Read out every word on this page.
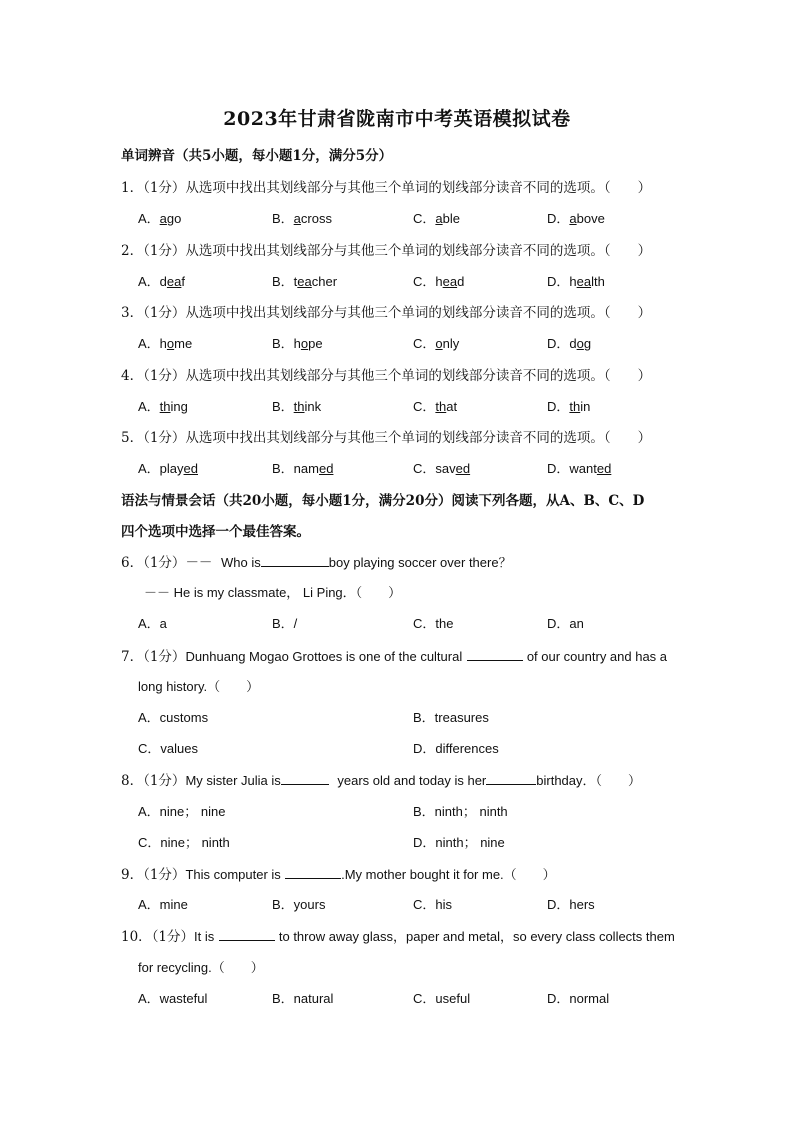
2023年甘肃省陇南市中考英语模拟试卷
单词辨音（共5小题，每小题1分，满分5分）
1．（1分）从选项中找出其划线部分与其他三个单词的划线部分读音不同的选项。（　　）
A．ago	B．across	C．able	D．above
2．（1分）从选项中找出其划线部分与其他三个单词的划线部分读音不同的选项。（　　）
A．deaf	B．teacher	C．head	D．health
3．（1分）从选项中找出其划线部分与其他三个单词的划线部分读音不同的选项。（　　）
A．home	B．hope	C．only	D．dog
4．（1分）从选项中找出其划线部分与其他三个单词的划线部分读音不同的选项。（　　）
A．thing	B．think	C．that	D．thin
5．（1分）从选项中找出其划线部分与其他三个单词的划线部分读音不同的选项。（　　）
A．played	B．named	C．saved	D．wanted
语法与情景会话（共20小题，每小题1分，满分20分）阅读下列各题，从A、B、C、D
四个选项中选择一个最佳答案。
6．（1分）－－ Who is	boy playing soccer over there？
－－ He is my classmate， Li Ping．（　　）
A．a	B．/	C．the	D．an
7．（1分）Dunhuang Mogao Grottoes is one of the cultural	of our country and has a
long history.（　　）
A．customs	B．treasures
C．values	D．differences
8．（1分）My sister Julia is	years old and today is her	birthday．（　　）
A．nine； nine	B．ninth； ninth
C．nine； ninth	D．ninth； nine
9．（1分）This computer is	.My mother bought it for me.（　　）
A．mine	B．yours	C．his	D．hers
10．（1分）It is	to throw away glass，paper and metal，so every class collects them
for recycling.（　　）
A．wasteful	B．natural	C．useful	D．normal
